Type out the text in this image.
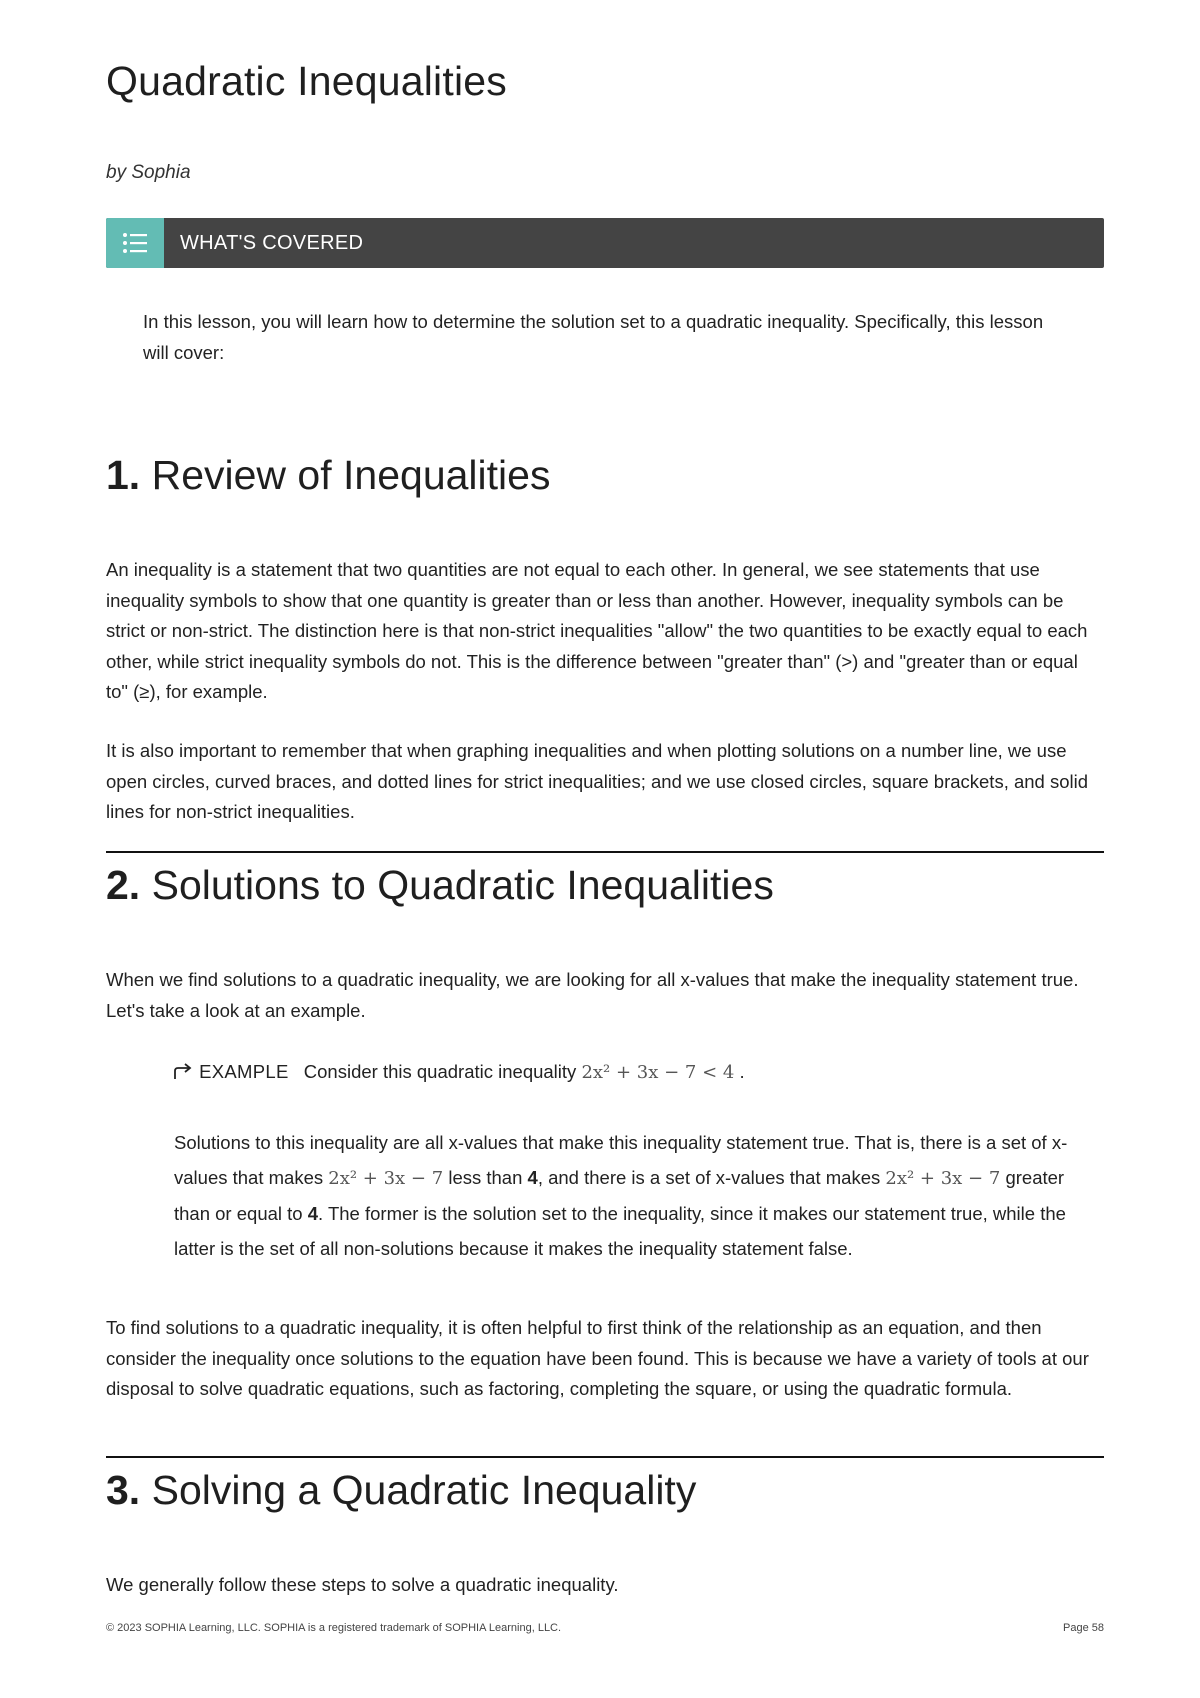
Quadratic Inequalities
by Sophia
WHAT'S COVERED

In this lesson, you will learn how to determine the solution set to a quadratic inequality. Specifically, this lesson will cover:

1. Review of Inequalities

An inequality is a statement that two quantities are not equal to each other. In general, we see statements that use inequality symbols to show that one quantity is greater than or less than another. However, inequality symbols can be strict or non-strict. The distinction here is that non-strict inequalities "allow" the two quantities to be exactly equal to each other, while strict inequality symbols do not. This is the difference between "greater than" (>) and "greater than or equal to" (≥), for example.

It is also important to remember that when graphing inequalities and when plotting solutions on a number line, we use open circles, curved braces, and dotted lines for strict inequalities; and we use closed circles, square brackets, and solid lines for non-strict inequalities.

2. Solutions to Quadratic Inequalities

When we find solutions to a quadratic inequality, we are looking for all x-values that make the inequality statement true. Let's take a look at an example.

EXAMPLE Consider this quadratic inequality 2x² + 3x − 7 < 4 .

Solutions to this inequality are all x-values that make this inequality statement true. That is, there is a set of x-values that makes 2x² + 3x − 7 less than 4, and there is a set of x-values that makes 2x² + 3x − 7 greater than or equal to 4. The former is the solution set to the inequality, since it makes our statement true, while the latter is the set of all non-solutions because it makes the inequality statement false.

To find solutions to a quadratic inequality, it is often helpful to first think of the relationship as an equation, and then consider the inequality once solutions to the equation have been found. This is because we have a variety of tools at our disposal to solve quadratic equations, such as factoring, completing the square, or using the quadratic formula.

3. Solving a Quadratic Inequality

We generally follow these steps to solve a quadratic inequality.

© 2023 SOPHIA Learning, LLC. SOPHIA is a registered trademark of SOPHIA Learning, LLC.	Page 58
